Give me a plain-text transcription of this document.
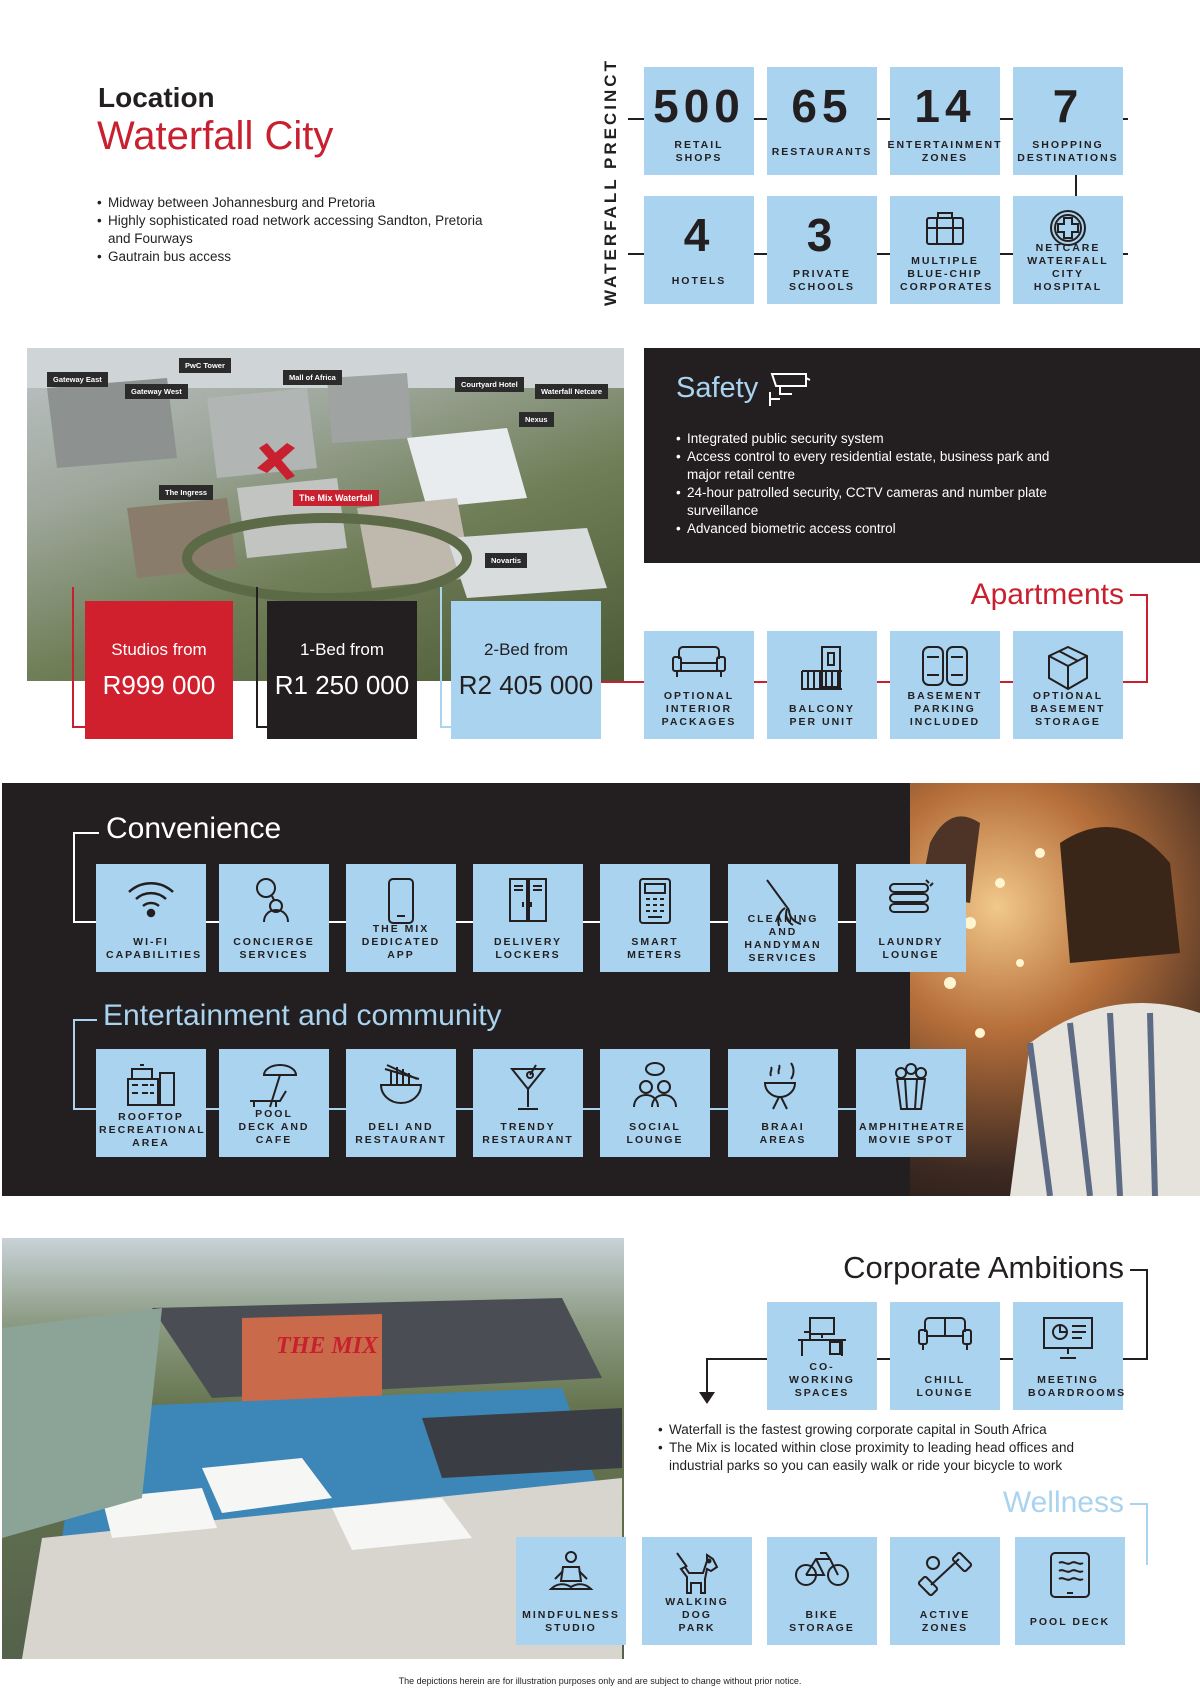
Location
Waterfall City
• Midway between Johannesburg and Pretoria
• Highly sophisticated road network accessing Sandton, Pretoria and Fourways
• Gautrain bus access	WATERFALL PRECINCT 500
RETAIL SHOPS
65
RESTAURANTS
14
ENTERTAINMENT ZONES
7
SHOPPING DESTINATIONS
4
HOTELS
3
PRIVATE SCHOOLS
MULTIPLE BLUE-CHIP CORPORATES
NETCARE WATERFALL CITY HOSPITAL
Gateway East
PwC Tower
Gateway West
Mall of Africa
Courtyard Hotel
Waterfall Netcare
Nexus
The Ingress
The Mix Waterfall
Novartis
Studios from
R999 000
1-Bed from
R1 250 000
2-Bed from
R2 405 000
Safety
• Integrated public security system
• Access control to every residential estate, business park and major retail centre
• 24-hour patrolled security, CCTV cameras and number plate surveillance
• Advanced biometric access control
Apartments
OPTIONAL INTERIOR PACKAGES
BALCONY PER UNIT
BASEMENT PARKING INCLUDED
OPTIONAL BASEMENT STORAGE
Convenience
Entertainment and community
WI-FI CAPABILITIES
CONCIERGE SERVICES
THE MIX DEDICATED APP
DELIVERY LOCKERS
SMART METERS
CLEANING AND HANDYMAN SERVICES
LAUNDRY LOUNGE
ROOFTOP RECREATIONAL AREA
POOL DECK AND CAFE
DELI AND RESTAURANT
TRENDY RESTAURANT
SOCIAL LOUNGE
BRAAI AREAS
AMPHITHEATRE MOVIE SPOT
THE MIX
Corporate Ambitions
CO-WORKING SPACES
CHILL LOUNGE
MEETING BOARDROOMS
• Waterfall is the fastest growing corporate capital in South Africa
• The Mix is located within close proximity to leading head offices and industrial parks so you can easily walk or ride your bicycle to work
Wellness
MINDFULNESS STUDIO
WALKING DOG PARK
BIKE STORAGE
ACTIVE ZONES	POOL DECK
The depictions herein are for illustration purposes only and are subject to change without prior notice.
